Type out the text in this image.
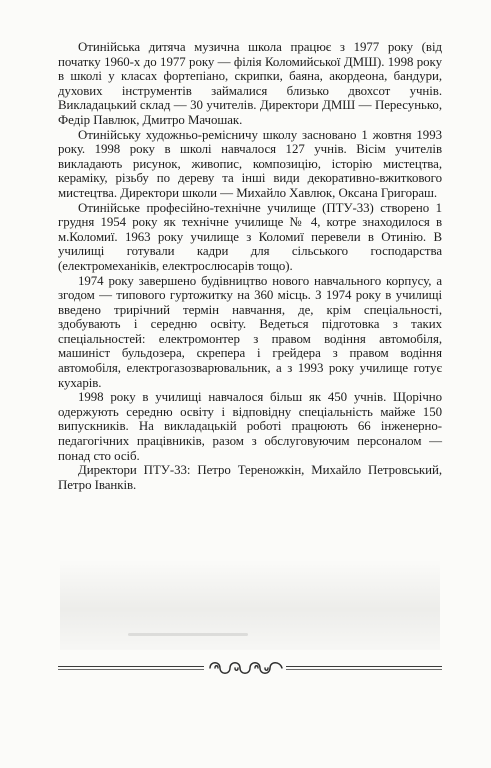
Отинійська дитяча музична школа працює з 1977 року (від початку 1960-х до 1977 року — філія Коломийської ДМШ). 1998 року в школі у класах фортепіано, скрипки, баяна, акордеона, бандури, духових інструментів займалися близько двохсот учнів. Викладацький склад — 30 учителів. Директори ДМШ — Пересунько, Федір Павлюк, Дмитро Мачошак.

Отинійську художньо-ремісничу школу засновано 1 жовтня 1993 року. 1998 року в школі навчалося 127 учнів. Вісім учителів викладають рисунок, живопис, композицію, історію мистецтва, кераміку, різьбу по дереву та інші види декоративно-вжиткового мистецтва. Директори школи — Михайло Хавлюк, Оксана Григораш.

Отинійське професійно-технічне училище (ПТУ-33) створено 1 грудня 1954 року як технічне училище № 4, котре знаходилося в м.Коломиї. 1963 року училище з Коломиї перевели в Отинію. В училищі готували кадри для сільського господарства (електромеханіків, електрослюсарів тощо).

1974 року завершено будівництво нового навчального корпусу, а згодом — типового гуртожитку на 360 місць. З 1974 року в училищі введено трирічний термін навчання, де, крім спеціальності, здобувають і середню освіту. Ведеться підготовка з таких спеціальностей: електромонтер з правом водіння автомобіля, машиніст бульдозера, скрепера і грейдера з правом водіння автомобіля, електрогазозварювальник, а з 1993 року училище готує кухарів.

1998 року в училищі навчалося більш як 450 учнів. Щорічно одержують середню освіту і відповідну спеціальність майже 150 випускників. На викладацькій роботі працюють 66 інженерно-педагогічних працівників, разом з обслуговуючим персоналом — понад сто осіб.

Директори ПТУ-33: Петро Тереножкін, Михайло Петровський, Петро Іванків.
